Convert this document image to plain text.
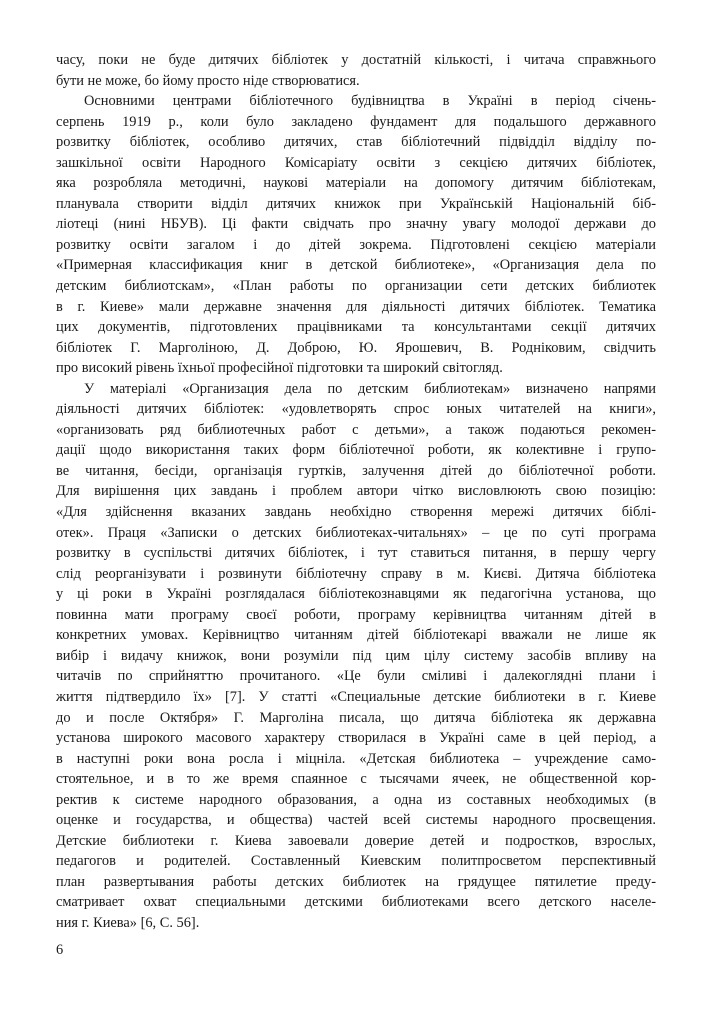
часу, поки не буде дитячих бібліотек у достатній кількості, і читача справжнього
бути не може, бо йому просто ніде створюватися.

Основними центрами бібліотечного будівництва в Україні в період січень-
серпень 1919 р., коли було закладено фундамент для подальшого державного
розвитку бібліотек, особливо дитячих, став бібліотечний підвідділ відділу по-
зашкільної освіти Народного Комісаріату освіти з секцією дитячих бібліотек,
яка розробляла методичні, наукові матеріали на допомогу дитячим бібліотекам,
планувала створити відділ дитячих книжок при Українській Національній біб-
ліотеці (нині НБУВ). Ці факти свідчать про значну увагу молодої держави до
розвитку освіти загалом і до дітей зокрема. Підготовлені секцією матеріали
«Примерная классификация книг в детской библиотеке», «Организация дела по
детским библиотскам», «План работы по организации сети детских библиотек
в г. Киеве» мали державне значення для діяльності дитячих бібліотек. Тематика
цих документів, підготовлених працівниками та консультантами секції дитячих
бібліотек Г. Марголіною, Д. Доброю, Ю. Ярошевич, В. Родніковим, свідчить
про високий рівень їхньої професійної підготовки та широкий світогляд.

У матеріалі «Организация дела по детским библиотекам» визначено напрями
діяльності дитячих бібліотек: «удовлетворять спрос юных читателей на книги»,
«организовать ряд библиотечных работ с детьми», а також подаються рекомен-
дації щодо використання таких форм бібліотечної роботи, як колективне і групо-
ве читання, бесіди, організація гуртків, залучення дітей до бібліотечної роботи.
Для вирішення цих завдань і проблем автори чітко висловлюють свою позицію:
«Для здійснення вказаних завдань необхідно створення мережі дитячих біблі-
отек». Праця «Записки о детских библиотеках-читальнях» – це по суті програма
розвитку в суспільстві дитячих бібліотек, і тут ставиться питання, в першу чергу
слід реорганізувати і розвинути бібліотечну справу в м. Києві. Дитяча бібліотека
у ці роки в Україні розглядалася бібліотекознавцями як педагогічна установа, що
повинна мати програму своєї роботи, програму керівництва читанням дітей в
конкретних умовах. Керівництво читанням дітей бібліотекарі вважали не лише як
вибір і видачу книжок, вони розуміли під цим цілу систему засобів впливу на
читачів по сприйняттю прочитаного. «Це були сміливі і далекоглядні плани і
життя підтвердило їх» [7]. У статті «Специальные детские библиотеки в г. Киеве
до и после Октября» Г. Марголіна писала, що дитяча бібліотека як державна
установа широкого масового характеру створилася в Україні саме в цей період, а
в наступні роки вона росла і міцніла. «Детская библиотека – учреждение само-
стоятельное, и в то же время спаянное с тысячами ячеек, не общественной кор-
ректив к системе народного образования, а одна из составных необходимых (в
оценке и государства, и общества) частей всей системы народного просвещения.
Детские библиотеки г. Киева завоевали доверие детей и подростков, взрослых,
педагогов и родителей. Составленный Киевским политпросветом перспективный
план развертывания работы детских библиотек на грядущее пятилетие преду-
сматривает охват специальными детскими библиотеками всего детского населе-
ния г. Киева» [6, С. 56].

6
